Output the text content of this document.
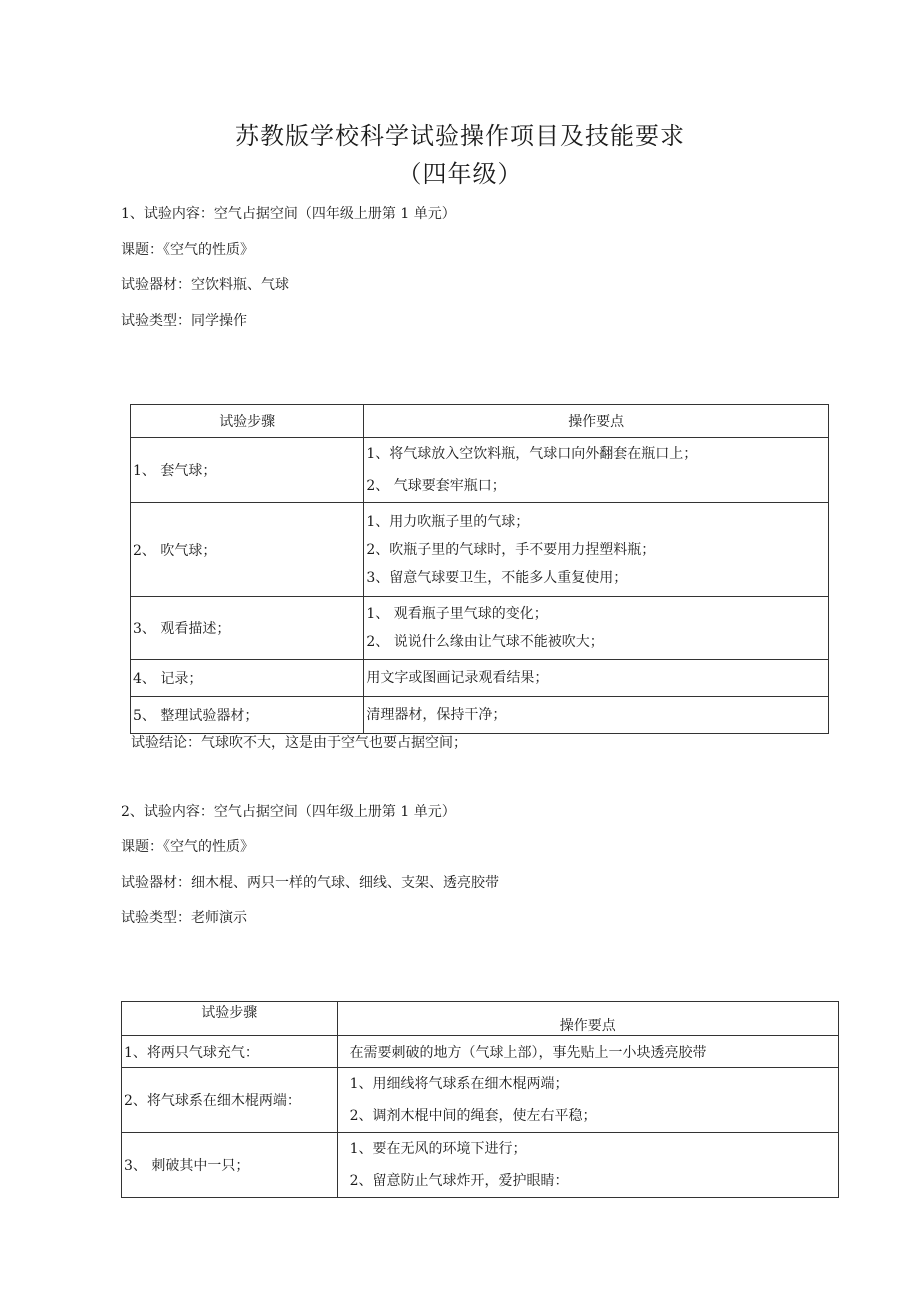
苏教版学校科学试验操作项目及技能要求
（四年级）
1、试验内容：空气占据空间（四年级上册第 1 单元）
课题：《空气的性质》
试验器材：空饮料瓶、气球
试验类型：同学操作
试验步骤	操作要点
1、 套气球；	1、将气球放入空饮料瓶，气球口向外翻套在瓶口上；
2、 气球要套牢瓶口；

2、 吹气球；	1、用力吹瓶子里的气球；
2、吹瓶子里的气球时，手不要用力捏塑料瓶；
3、留意气球要卫生，不能多人重复使用；

3、 观看描述；	1、 观看瓶子里气球的变化；
2、 说说什么缘由让气球不能被吹大；

4、 记录；	用文字或图画记录观看结果；

5、 整理试验器材；	清理器材，保持干净；
试验结论：气球吹不大，这是由于空气也要占据空间；
2、试验内容：空气占据空间（四年级上册第 1 单元）
课题：《空气的性质》
试验器材：细木棍、两只一样的气球、细线、支架、透亮胶带
试验类型：老师演示
试验步骤	操作要点
1、将两只气球充气：	在需要刺破的地方（气球上部），事先贴上一小块透亮胶带

2、将气球系在细木棍两端：	1、用细线将气球系在细木棍两端；
2、调剂木棍中间的绳套，使左右平稳；

3、 刺破其中一只；	1、要在无风的环境下进行；
2、留意防止气球炸开，爱护眼睛：
